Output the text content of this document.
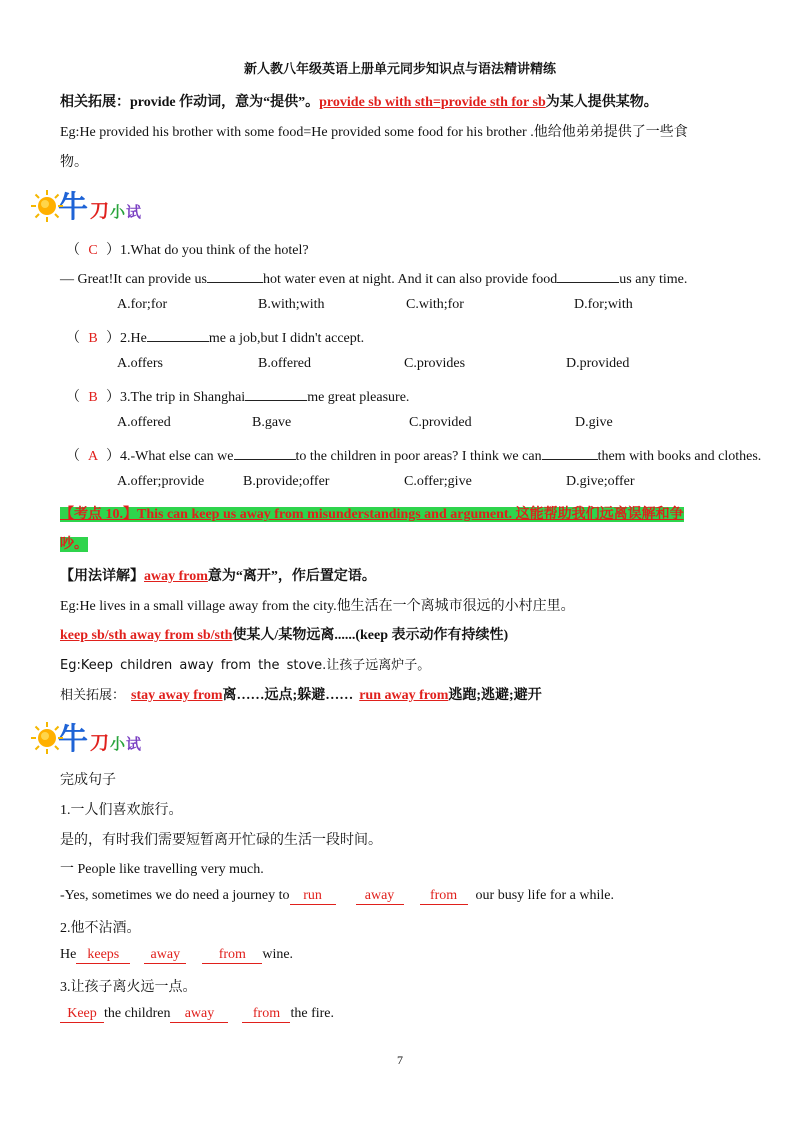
新人教八年级英语上册单元同步知识点与语法精讲精练
相关拓展：provide 作动词，意为“提供”。provide sb with sth=provide sth for sb为某人提供某物。
Eg:He provided his brother with some food=He provided some food for his brother .他给他弟弟提供了一些食
物。
牛 刀 小 试
（ C ）1.What do you think of the hotel?
— Great!It can provide us	hot water even at night. And it can also provide food	us any time.
A.for;for	B.with;with	C.with;for	D.for;with
（ B ）2.He	me a job,but I didn't accept.
A.offers	B.offered	C.provides	D.provided
（ B ）3.The trip in Shanghai	me great pleasure.
A.offered	B.gave	C.provided	D.give
（ A ）4.-What else can we	to the children in poor areas? I think we can	them with books and clothes.
A.offer;provide	B.provide;offer	C.offer;give	D.give;offer
【考点 10.】This can keep us away from misunderstandings and argument. 这能帮助我们远离误解和争
吵。
【用法详解】away from意为“离开”，作后置定语。
Eg:He lives in a small village away from the city.他生活在一个离城市很远的小村庄里。
keep sb/sth away from sb/sth使某人/某物远离......(keep 表示动作有持续性)
Eg:Keep children away from the stove.让孩子远离炉子。
相关拓展： stay away from离……远点;躲避…… run away from逃跑;逃避;避开
牛 刀 小 试
完成句子
1.一人们喜欢旅行。
是的，有时我们需要短暂离开忙碌的生活一段时间。
一 People like travelling very much.
-Yes, sometimes we do need a journey to run	away	from our busy life for a while.
2.他不沾酒。
He keeps away	from wine.
3.让孩子离火远一点。
Keep the children away	from the fire.
7
